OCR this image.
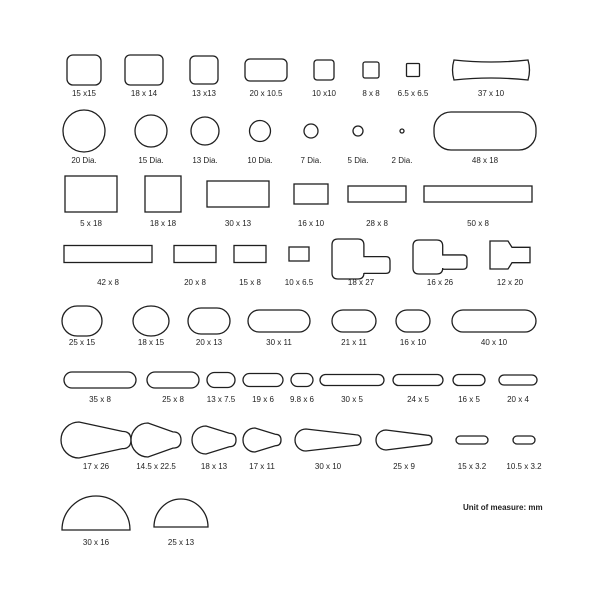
15 x15	18 x 14	13 x13	20 x 10.5	10 x10	8 x 8 6.5 x 6.5	37 x 10
20 Dia.	15 Dia.	13 Dia.	10 Dia.	7 Dia.	5 Dia.	2 Dia.	48 x 18
5 x 18	18 x 18	30 x 13	16 x 10	28 x 8	50 x 8
42 x 8	20 x 8	15 x 8	10 x 6.5	18 x 27	16 x 26	12 x 20
25 x 15	18 x 15	20 x 13	30 x 11	21 x 11	16 x 10	40 x 10
35 x 8	25 x 8	13 x 7.5 19 x 6 9.8 x 6	30 x 5	24 x 5	16 x 5	20 x 4
17 x 26	14.5 x 22.5	18 x 13	17 x 11	30 x 10	25 x 9	15 x 3.2	10.5 x 3.2
30 x 16	25 x 13
Unit of measure: mm
